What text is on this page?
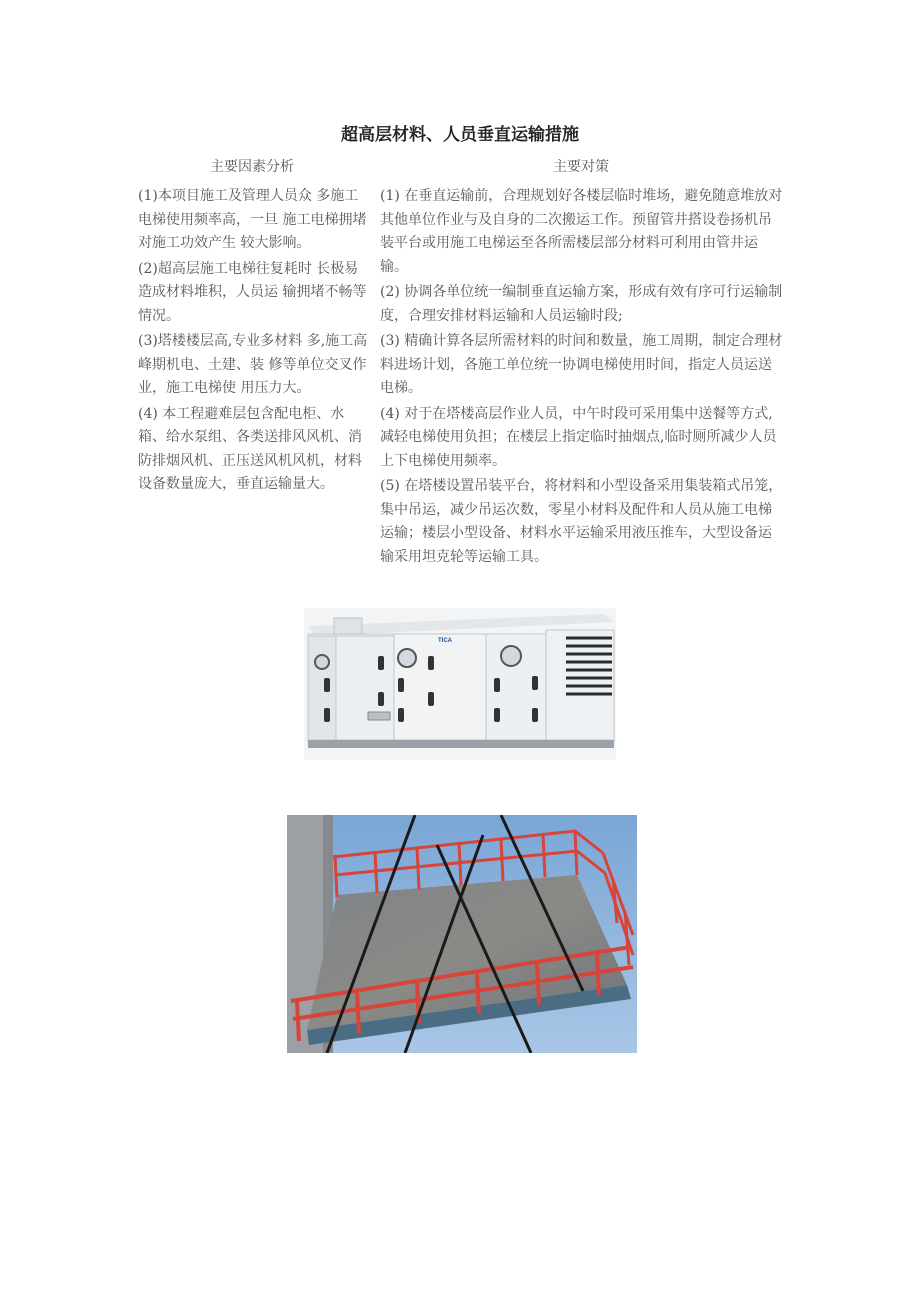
超高层材料、人员垂直运输措施
主要因素分析	主要对策

(1)本项目施工及管理人员众 多施工电梯使用频率高，一旦 施工电梯拥堵对施工功效产生 较大影响。

(2)超高层施工电梯往复耗时 长极易造成材料堆积，人员运 输拥堵不畅等情况。

(3)塔楼楼层高,专业多材料 多,施工高峰期机电、土建、装 修等单位交叉作业，施工电梯使 用压力大。

(4) 本工程避难层包含配电柜、水箱、给水泵组、各类送排风风机、消防排烟风机、正压送风机风机，材料设备数量庞大，垂直运输量大。

(1) 在垂直运输前，合理规划好各楼层临时堆场，避免随意堆放对其他单位作业与及自身的二次搬运工作。预留管井搭设卷扬机吊装平台或用施工电梯运至各所需楼层部分材料可利用由管井运输。

(2) 协调各单位统一编制垂直运输方案，形成有效有序可行运输制度，合理安排材料运输和人员运输时段;

(3) 精确计算各层所需材料的时间和数量，施工周期，制定合理材料进场计划，各施工单位统一协调电梯使用时间，指定人员运送电梯。

(4) 对于在塔楼高层作业人员，中午时段可采用集中送餐等方式,减轻电梯使用负担；在楼层上指定临时抽烟点,临时厕所减少人员上下电梯使用频率。

(5) 在塔楼设置吊装平台，将材料和小型设备采用集装箱式吊笼，集中吊运，减少吊运次数，零星小材料及配件和人员从施工电梯运输；楼层小型设备、材料水平运输采用液压推车，大型设备运输采用坦克轮等运输工具。

TICA
